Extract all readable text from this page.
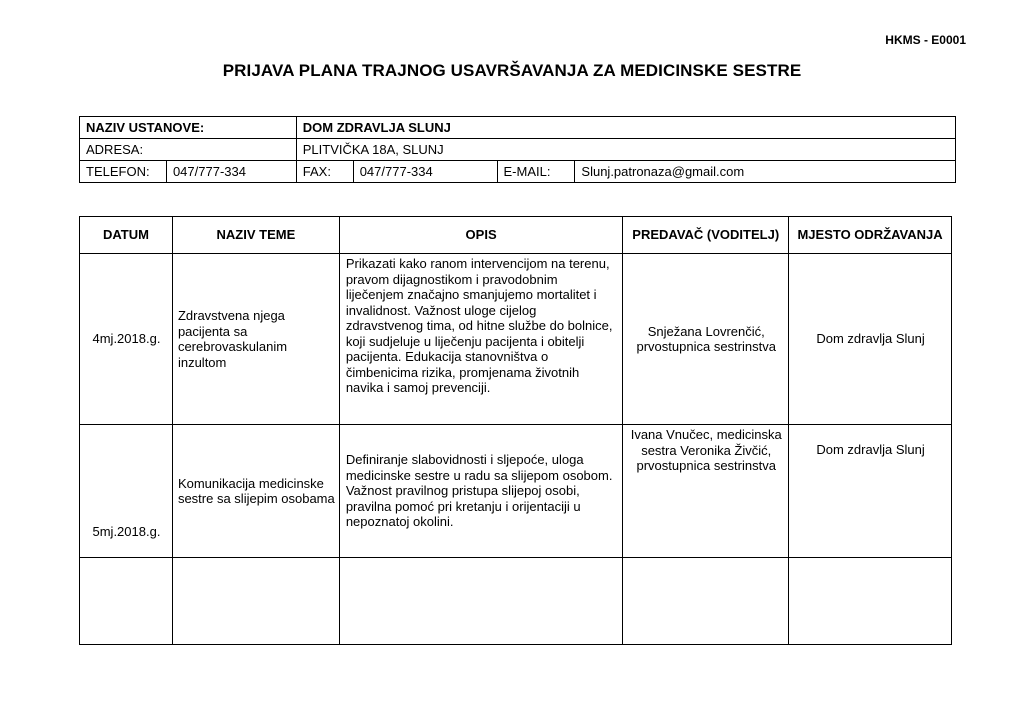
HKMS - E0001
PRIJAVA PLANA TRAJNOG USAVRŠAVANJA ZA MEDICINSKE SESTRE
NAZIV USTANOVE:		DOM ZDRAVLJA SLUNJ			
ADRESA:		PLITVIČKA 18A, SLUNJ			
TELEFON:	047/777-334	FAX:	047/777-334	E-MAIL:	Slunj.patronaza@gmail.com
DATUM	NAZIV TEME	OPIS	PREDAVAČ (VODITELJ)	MJESTO ODRŽAVANJA
4mj.2018.g.	Zdravstvena njega pacijenta sa cerebrovaskulanim inzultom	Prikazati kako ranom intervencijom na terenu, pravom dijagnostikom i pravodobnim liječenjem značajno smanjujemo mortalitet i invalidnost. Važnost uloge cijelog zdravstvenog tima, od hitne službe do bolnice, koji sudjeluje u liječenju pacijenta i obitelji pacijenta. Edukacija stanovništva o čimbenicima rizika, promjenama životnih navika i samoj prevenciji.	Snježana Lovrenčić, prvostupnica sestrinstva	Dom zdravlja Slunj
5mj.2018.g.	Komunikacija medicinske sestre sa slijepim osobama	Definiranje slabovidnosti i sljepoće, uloga medicinske sestre u radu sa slijepom osobom. Važnost pravilnog pristupa slijepoj osobi, pravilna pomoć pri kretanju i orijentaciji u nepoznatoj okolini.	Ivana Vnučec, medicinska sestra Veronika Živčić, prvostupnica sestrinstva	Dom zdravlja Slunj
